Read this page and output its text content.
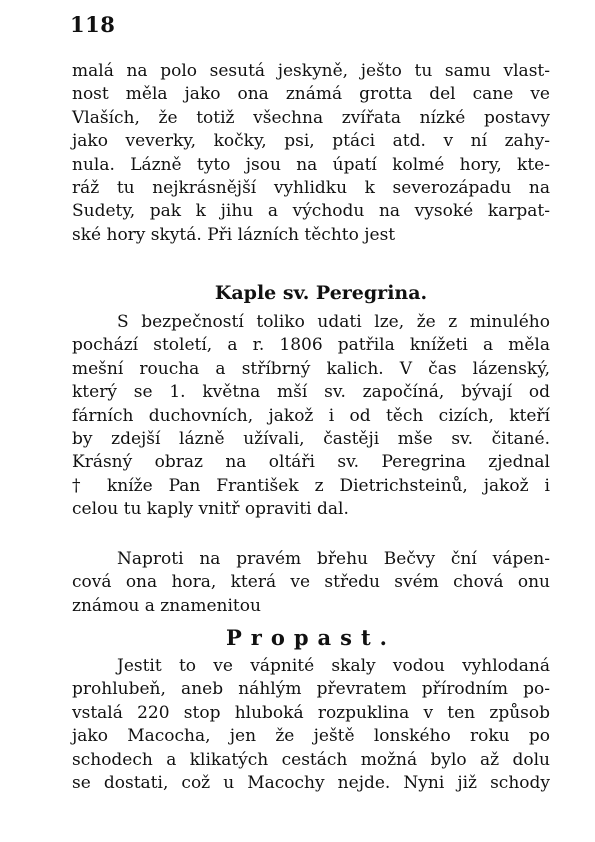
118
malá na polo sesutá jeskyně, ješto tu samu vlast-
nost měla jako ona známá grotta del cane ve
Vlaších, že totiž všechna zvířata nízké postavy
jako veverky, kočky, psi, ptáci atd. v ní zahy-
nula. Lázně tyto jsou na úpatí kolmé hory, kte-
ráž tu nejkrásnější vyhlidku k severozápadu na
Sudety, pak k jihu a východu na vysoké karpat-
ské hory skytá. Při lázních těchto jest
Kaple sv. Peregrina.
S bezpečností toliko udati lze, že z minulého
pochází století, a r. 1806 patřila knížeti a měla
mešní roucha a stříbrný kalich. V čas lázenský,
který se 1. května mší sv. započíná, bývají od
fárních duchovních, jakož i od těch cizích, kteří
by zdejší lázně užívali, častěji mše sv. čitané.
Krásný obraz na oltáři sv. Peregrina zjednal
† kníže Pan František z Dietrichsteinů, jakož i
celou tu kaply vnitř opraviti dal.
Naproti na pravém břehu Bečvy ční vápen-
cová ona hora, která ve středu svém chová onu
známou a znamenitou
Propast.
Jestit to ve vápnité skaly vodou vyhlodaná
prohlubeň, aneb náhlým převratem přírodním po-
vstalá 220 stop hluboká rozpuklina v ten způsob
jako Macocha, jen že ještě lonského roku po
schodech a klikatých cestách možná bylo až dolu
se dostati, což u Macochy nejde. Nyni již schody
